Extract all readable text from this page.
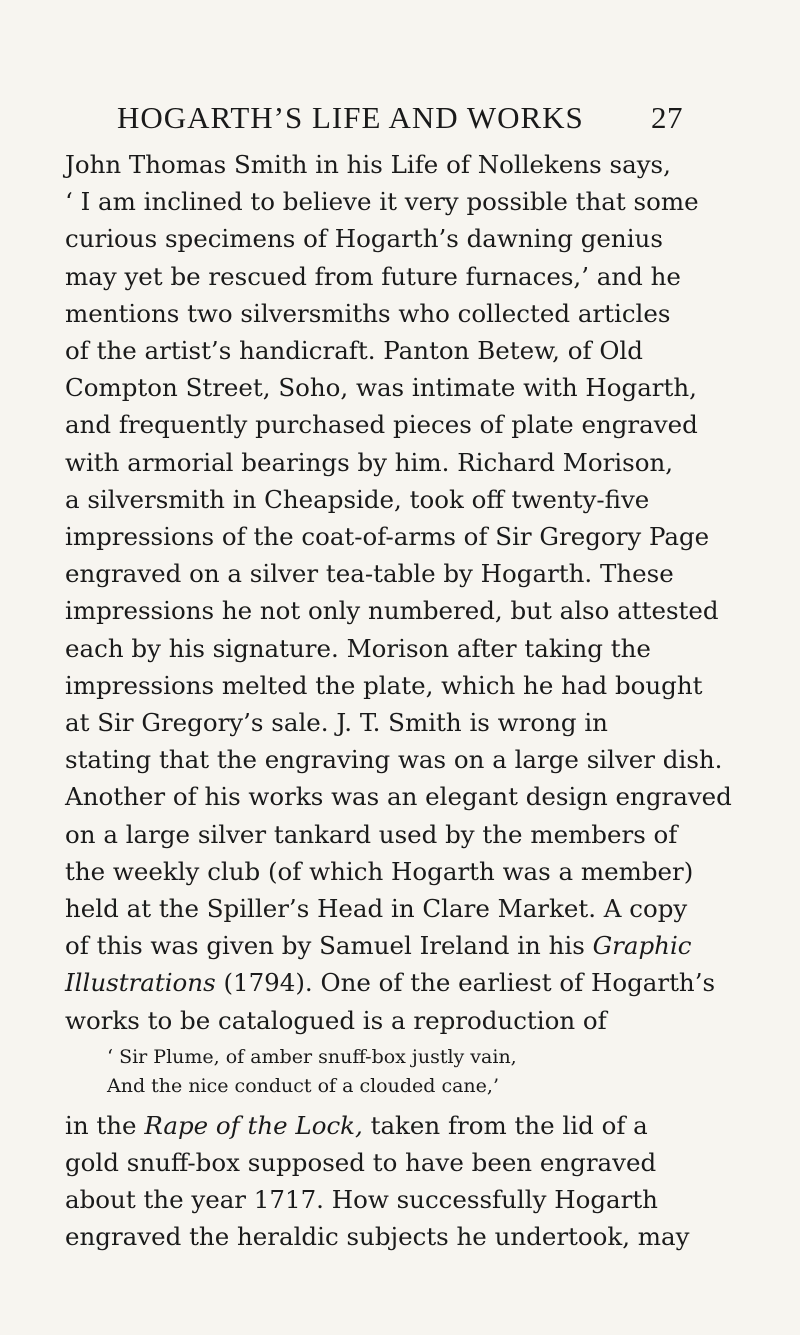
HOGARTH’S LIFE AND WORKS 27
John Thomas Smith in his Life of Nollekens says,
‘ I am inclined to believe it very possible that some
curious specimens of Hogarth’s dawning genius
may yet be rescued from future furnaces,’ and he
mentions two silversmiths who collected articles
of the artist’s handicraft. Panton Betew, of Old
Compton Street, Soho, was intimate with Hogarth,
and frequently purchased pieces of plate engraved
with armorial bearings by him. Richard Morison,
a silversmith in Cheapside, took off twenty-five
impressions of the coat-of-arms of Sir Gregory Page
engraved on a silver tea-table by Hogarth. These
impressions he not only numbered, but also attested
each by his signature. Morison after taking the
impressions melted the plate, which he had bought
at Sir Gregory’s sale. J. T. Smith is wrong in
stating that the engraving was on a large silver dish.
Another of his works was an elegant design engraved
on a large silver tankard used by the members of
the weekly club (of which Hogarth was a member)
held at the Spiller’s Head in Clare Market. A copy
of this was given by Samuel Ireland in his Graphic
Illustrations (1794). One of the earliest of Hogarth’s
works to be catalogued is a reproduction of
‘ Sir Plume, of amber snuff-box justly vain,
And the nice conduct of a clouded cane,’
in the Rape of the Lock, taken from the lid of a
gold snuff-box supposed to have been engraved
about the year 1717. How successfully Hogarth
engraved the heraldic subjects he undertook, may
